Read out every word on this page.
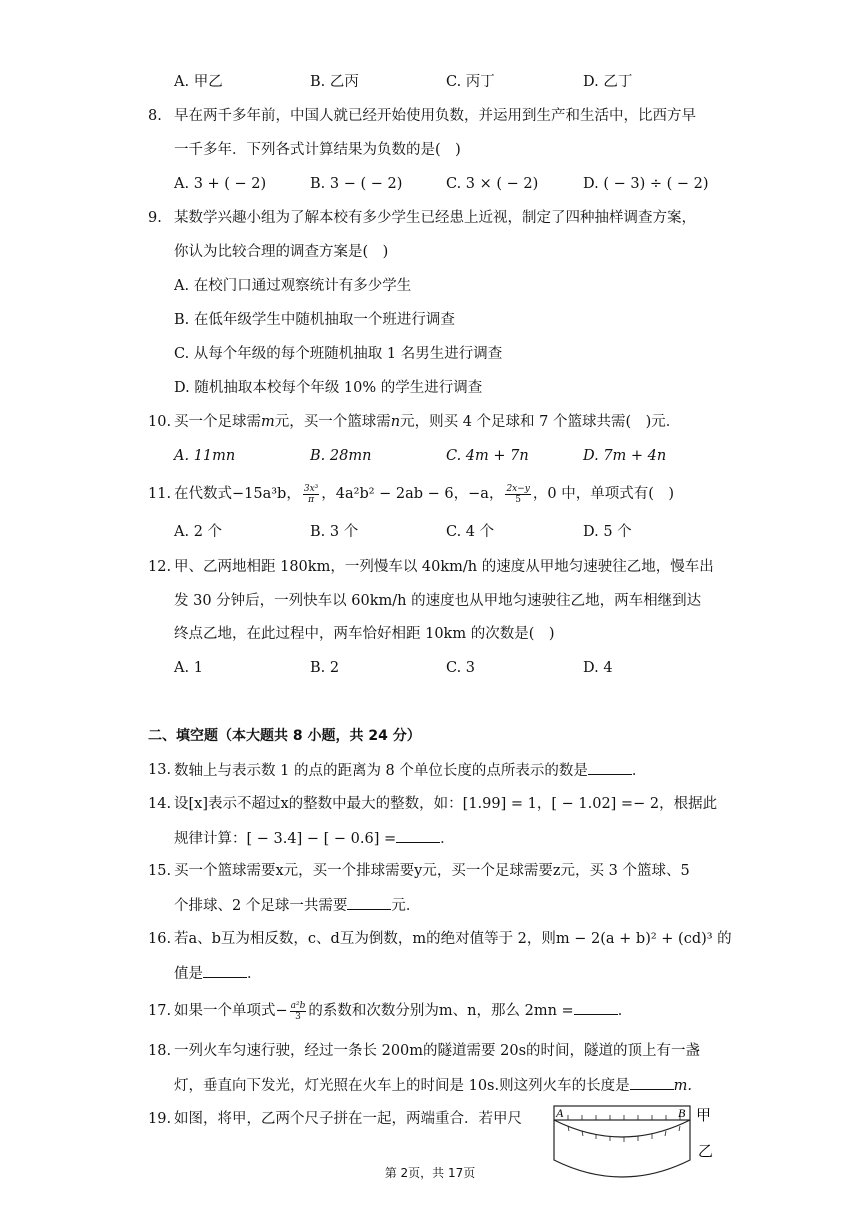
A. 甲乙	B. 乙丙	C. 丙丁	D. 乙丁
8. 早在两千多年前，中国人就已经开始使用负数，并运用到生产和生活中，比西方早
一千多年．下列各式计算结果为负数的是(　)
A. 3 + ( − 2)	B. 3 − ( − 2)	C. 3 × ( − 2)	D. ( − 3) ÷ ( − 2)
9. 某数学兴趣小组为了解本校有多少学生已经患上近视，制定了四种抽样调查方案，
你认为比较合理的调查方案是(　)
A. 在校门口通过观察统计有多少学生
B. 在低年级学生中随机抽取一个班进行调查
C. 从每个年级的每个班随机抽取 1 名男生进行调查
D. 随机抽取本校每个年级 10% 的学生进行调查
10. 买一个足球需m元，买一个篮球需n元，则买 4 个足球和 7 个篮球共需(　)元．
A. 11mn	B. 28mn	C. 4m + 7n	D. 7m + 4n
11. 在代数式−15a³b， $\frac{\text{3x³}}{\pi}$ ，4a²b² − 2ab − 6，−a， $\frac{2x-y}{5}$ ，0 中，单项式有(　)
A. 2 个	B. 3 个	C. 4 个	D. 5 个
12. 甲、乙两地相距 180km，一列慢车以 40km/h 的速度从甲地匀速驶往乙地，慢车出
发 30 分钟后，一列快车以 60km/h 的速度也从甲地匀速驶往乙地，两车相继到达
终点乙地，在此过程中，两车恰好相距 10km 的次数是(　)
A. 1	B. 2	C. 3	D. 4
二、填空题（本大题共 8 小题，共 24 分）
13. 数轴上与表示数 1 的点的距离为 8 个单位长度的点所表示的数是	．
14. 设[x]表示不超过x的整数中最大的整数，如：[1.99] = 1，[ − 1.02] =− 2，根据此
规律计算：[ − 3.4] − [ − 0.6] =	．
15. 买一个篮球需要x元，买一个排球需要y元，买一个足球需要z元，买 3 个篮球、5
个排球、2 个足球一共需要	元．
16. 若a、b互为相反数，c、d互为倒数，m的绝对值等于 2，则m − 2(a + b)² + (cd)³ 的
值是	．
17. 如果一个单项式− $\frac{\text{a²b}}{3}$ 的系数和次数分别为m、n，那么 2mn =	．
18. 一列火车匀速行驶，经过一条长 200m的隧道需要 20s的时间，隧道的顶上有一盏
灯，垂直向下发光，灯光照在火车上的时间是 10s.则这列火车的长度是	m.
19. 如图，将甲，乙两个尺子拼在一起，两端重合．若甲尺	A	B 甲
乙
第 2页，共 17页
